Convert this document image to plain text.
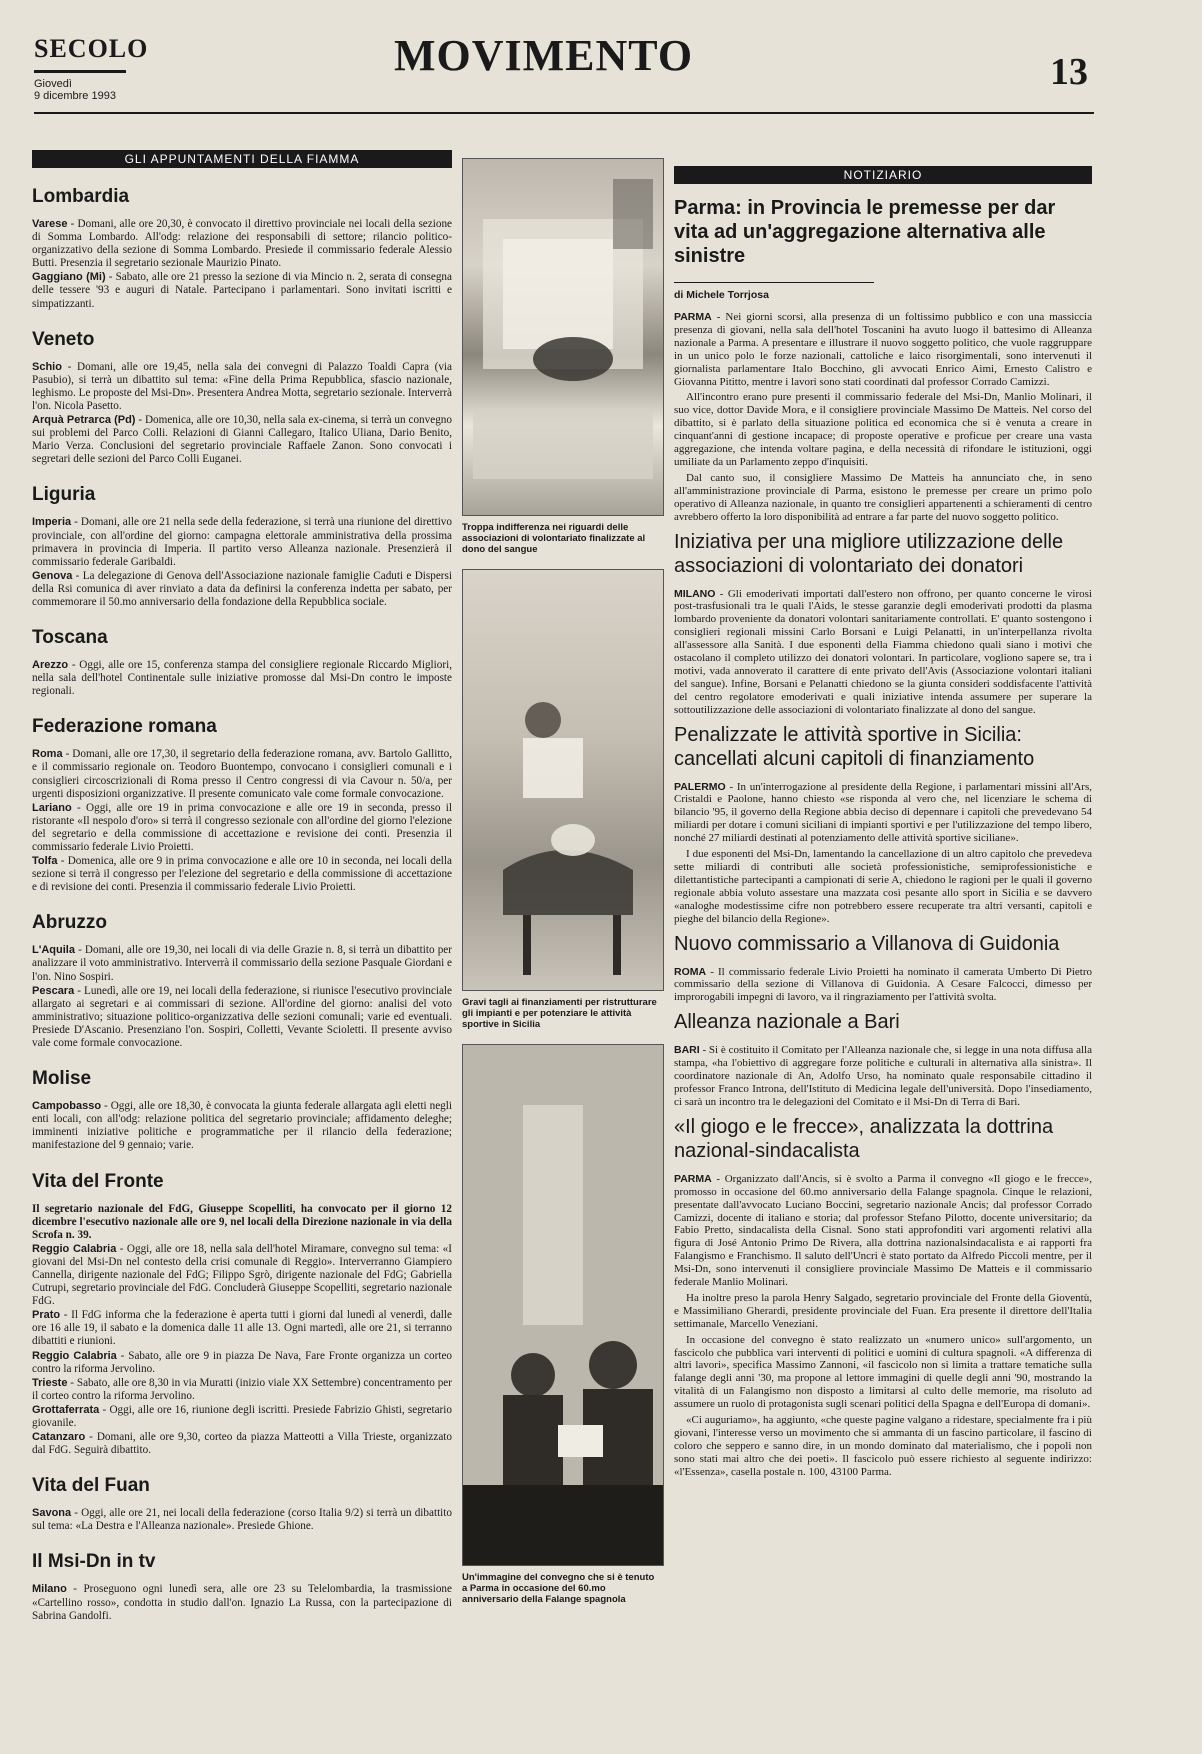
SECOLO
Giovedì
9 dicembre 1993
MOVIMENTO	13
GLI APPUNTAMENTI DELLA FIAMMA
Lombardia

Varese - Domani, alle ore 20,30, è convocato il direttivo provinciale nei locali della sezione di Somma Lombardo. All'odg: relazione dei responsabili di settore; rilancio politico-organizzativo della sezione di Somma Lombardo. Presiede il commissario federale Alessio Butti. Presenzia il segretario sezionale Maurizio Pinato.

Gaggiano (Mi) - Sabato, alle ore 21 presso la sezione di via Mincio n. 2, serata di consegna delle tessere '93 e auguri di Natale. Partecipano i parlamentari. Sono invitati iscritti e simpatizzanti.

Veneto

Schio - Domani, alle ore 19,45, nella sala dei convegni di Palazzo Toaldi Capra (via Pasubio), si terrà un dibattito sul tema: «Fine della Prima Repubblica, sfascio nazionale, leghismo. Le proposte del Msi-Dn». Presentera Andrea Motta, segretario sezionale. Interverrà l'on. Nicola Pasetto.

Arquà Petrarca (Pd) - Domenica, alle ore 10,30, nella sala ex-cinema, si terrà un convegno sui problemi del Parco Colli. Relazioni di Gianni Callegaro, Italico Uliana, Dario Benito, Mario Verza. Conclusioni del segretario provinciale Raffaele Zanon. Sono convocati i segretari delle sezioni del Parco Colli Euganei.

Liguria

Imperia - Domani, alle ore 21 nella sede della federazione, si terrà una riunione del direttivo provinciale, con all'ordine del giorno: campagna elettorale amministrativa della prossima primavera in provincia di Imperia. Il partito verso Alleanza nazionale. Presenzierà il commissario federale Garibaldi.

Genova - La delegazione di Genova dell'Associazione nazionale famiglie Caduti e Dispersi della Rsi comunica di aver rinviato a data da definirsi la conferenza indetta per sabato, per commemorare il 50.mo anniversario della fondazione della Repubblica sociale.

Toscana

Arezzo - Oggi, alle ore 15, conferenza stampa del consigliere regionale Riccardo Migliori, nella sala dell'hotel Continentale sulle iniziative promosse dal Msi-Dn contro le imposte regionali.

Federazione romana

Roma - Domani, alle ore 17,30, il segretario della federazione romana, avv. Bartolo Gallitto, e il commissario regionale on. Teodoro Buontempo, convocano i consiglieri comunali e i consiglieri circoscrizionali di Roma presso il Centro congressi di via Cavour n. 50/a, per urgenti disposizioni organizzative. Il presente comunicato vale come formale convocazione.

Lariano - Oggi, alle ore 19 in prima convocazione e alle ore 19 in seconda, presso il ristorante «Il nespolo d'oro» si terrà il congresso sezionale con all'ordine del giorno l'elezione del segretario e della commissione di accettazione e revisione dei conti. Presenzia il commissario federale Livio Proietti.

Tolfa - Domenica, alle ore 9 in prima convocazione e alle ore 10 in seconda, nei locali della sezione si terrà il congresso per l'elezione del segretario e della commissione di accettazione e di revisione dei conti. Presenzia il commissario federale Livio Proietti.

Abruzzo

L'Aquila - Domani, alle ore 19,30, nei locali di via delle Grazie n. 8, si terrà un dibattito per analizzare il voto amministrativo. Interverrà il commissario della sezione Pasquale Giordani e l'on. Nino Sospiri.

Pescara - Lunedì, alle ore 19, nei locali della federazione, si riunisce l'esecutivo provinciale allargato ai segretari e ai commissari di sezione. All'ordine del giorno: analisi del voto amministrativo; situazione politico-organizzativa delle sezioni comunali; varie ed eventuali. Presiede D'Ascanio. Presenziano l'on. Sospiri, Colletti, Vevante Scioletti. Il presente avviso vale come formale convocazione.

Molise

Campobasso - Oggi, alle ore 18,30, è convocata la giunta federale allargata agli eletti negli enti locali, con all'odg: relazione politica del segretario provinciale; affidamento deleghe; imminenti iniziative politiche e programmatiche per il rilancio della federazione; manifestazione del 9 gennaio; varie.

Vita del Fronte

Il segretario nazionale del FdG, Giuseppe Scopelliti, ha convocato per il giorno 12 dicembre l'esecutivo nazionale alle ore 9, nel locali della Direzione nazionale in via della Scrofa n. 39.

Reggio Calabria - Oggi, alle ore 18, nella sala dell'hotel Miramare, convegno sul tema: «I giovani del Msi-Dn nel contesto della crisi comunale di Reggio». Interverranno Giampiero Cannella, dirigente nazionale del FdG; Filippo Sgrò, dirigente nazionale del FdG; Gabriella Cutrupi, segretario provinciale del FdG. Concluderà Giuseppe Scopelliti, segretario nazionale FdG.

Prato - Il FdG informa che la federazione è aperta tutti i giorni dal lunedì al venerdì, dalle ore 16 alle 19, il sabato e la domenica dalle 11 alle 13. Ogni martedì, alle ore 21, si terranno dibattiti e riunioni.

Reggio Calabria - Sabato, alle ore 9 in piazza De Nava, Fare Fronte organizza un corteo contro la riforma Jervolino.

Trieste - Sabato, alle ore 8,30 in via Muratti (inizio viale XX Settembre) concentramento per il corteo contro la riforma Jervolino.

Grottaferrata - Oggi, alle ore 16, riunione degli iscritti. Presiede Fabrizio Ghisti, segretario giovanile.

Catanzaro - Domani, alle ore 9,30, corteo da piazza Matteotti a Villa Trieste, organizzato dal FdG. Seguirà dibattito.

Vita del Fuan

Savona - Oggi, alle ore 21, nei locali della federazione (corso Italia 9/2) si terrà un dibattito sul tema: «La Destra e l'Alleanza nazionale». Presiede Ghione.

Il Msi-Dn in tv

Milano - Proseguono ogni lunedì sera, alle ore 23 su Telelombardia, la trasmissione «Cartellino rosso», condotta in studio dall'on. Ignazio La Russa, con la partecipazione di Sabrina Gandolfi.

Troppa indifferenza nei riguardi delle associazioni di volontariato finalizzate al dono del sangue
Gravi tagli ai finanziamenti per ristrutturare gli impianti e per potenziare le attività sportive in Sicilia
Un'immagine del convegno che si è tenuto a Parma in occasione del 60.mo anniversario della Falange spagnola
NOTIZIARIO
Parma: in Provincia le premesse per dar vita ad un'aggregazione alternativa alle sinistre
di Michele Torrjosa

PARMA - Nei giorni scorsi, alla presenza di un foltissimo pubblico e con una massiccia presenza di giovani, nella sala dell'hotel Toscanini ha avuto luogo il battesimo di Alleanza nazionale a Parma. A presentare e illustrare il nuovo soggetto politico, che vuole raggruppare in un unico polo le forze nazionali, cattoliche e laico risorgimentali, sono intervenuti il giornalista parlamentare Italo Bocchino, gli avvocati Enrico Aimi, Ernesto Calistro e Giovanna Pititto, mentre i lavori sono stati coordinati dal professor Corrado Camizzi.

All'incontro erano pure presenti il commissario federale del Msi-Dn, Manlio Molinari, il suo vice, dottor Davide Mora, e il consigliere provinciale Massimo De Matteis. Nel corso del dibattito, si è parlato della situazione politica ed economica che si è venuta a creare in cinquant'anni di gestione incapace; di proposte operative e proficue per creare una vasta aggregazione, che intenda voltare pagina, e della necessità di rifondare le istituzioni, oggi umiliate da un Parlamento zeppo d'inquisiti.

Dal canto suo, il consigliere Massimo De Matteis ha annunciato che, in seno all'amministrazione provinciale di Parma, esistono le premesse per creare un primo polo operativo di Alleanza nazionale, in quanto tre consiglieri appartenenti a schieramenti di centro avrebbero offerto la loro disponibilità ad entrare a far parte del nuovo soggetto politico.

Iniziativa per una migliore utilizzazione delle associazioni di volontariato dei donatori

MILANO - Gli emoderivati importati dall'estero non offrono, per quanto concerne le virosi post-trasfusionali tra le quali l'Aids, le stesse garanzie degli emoderivati prodotti da plasma lombardo proveniente da donatori volontari sanitariamente controllati. E' quanto sostengono i consiglieri regionali missini Carlo Borsani e Luigi Pelanatti, in un'interpellanza rivolta all'assessore alla Sanità. I due esponenti della Fiamma chiedono quali siano i motivi che ostacolano il completo utilizzo dei donatori volontari. In particolare, vogliono sapere se, tra i motivi, vada annoverato il carattere di ente privato dell'Avis (Associazione volontari italiani del sangue). Infine, Borsani e Pelanatti chiedono se la giunta consideri soddisfacente l'attività del centro regolatore emoderivati e quali iniziative intenda assumere per superare la sottoutilizzazione delle associazioni di volontariato finalizzate al dono del sangue.

Penalizzate le attività sportive in Sicilia: cancellati alcuni capitoli di finanziamento

PALERMO - In un'interrogazione al presidente della Regione, i parlamentari missini all'Ars, Cristaldi e Paolone, hanno chiesto «se risponda al vero che, nel licenziare le schema di bilancio '95, il governo della Regione abbia deciso di depennare i capitoli che prevedevano 54 miliardi per dotare i comuni siciliani di impianti sportivi e per l'utilizzazione del tempo libero, nonché 27 miliardi destinati al potenziamento delle attività sportive siciliane».

I due esponenti del Msi-Dn, lamentando la cancellazione di un altro capitolo che prevedeva sette miliardi di contributi alle società professionistiche, semiprofessionistiche e dilettantistiche partecipanti a campionati di serie A, chiedono le ragioni per le quali il governo regionale abbia voluto assestare una mazzata così pesante allo sport in Sicilia e se davvero «analoghe modestissime cifre non potrebbero essere recuperate tra altri versanti, capitoli e pieghe del bilancio della Regione».

Nuovo commissario a Villanova di Guidonia

ROMA - Il commissario federale Livio Proietti ha nominato il camerata Umberto Di Pietro commissario della sezione di Villanova di Guidonia. A Cesare Falcocci, dimesso per improrogabili impegni di lavoro, va il ringraziamento per l'attività svolta.

Alleanza nazionale a Bari

BARI - Si è costituito il Comitato per l'Alleanza nazionale che, si legge in una nota diffusa alla stampa, «ha l'obiettivo di aggregare forze politiche e culturali in alternativa alla sinistra». Il coordinatore nazionale di An, Adolfo Urso, ha nominato quale responsabile cittadino il professor Franco Introna, dell'Istituto di Medicina legale dell'università. Dopo l'insediamento, ci sarà un incontro tra le delegazioni del Comitato e il Msi-Dn di Terra di Bari.

«Il giogo e le frecce», analizzata la dottrina nazional-sindacalista

PARMA - Organizzato dall'Ancis, si è svolto a Parma il convegno «Il giogo e le frecce», promosso in occasione del 60.mo anniversario della Falange spagnola. Cinque le relazioni, presentate dall'avvocato Luciano Boccini, segretario nazionale Ancis; dal professor Corrado Camizzi, docente di italiano e storia; dal professor Stefano Pilotto, docente universitario; da Fabio Pretto, sindacalista della Cisnal. Sono stati approfonditi vari argomenti relativi alla figura di José Antonio Primo De Rivera, alla dottrina nazionalsindacalista e ai rapporti fra Falangismo e Franchismo. Il saluto dell'Uncri è stato portato da Alfredo Piccoli mentre, per il Msi-Dn, sono intervenuti il consigliere provinciale Massimo De Matteis e il commissario federale Manlio Molinari.

Ha inoltre preso la parola Henry Salgado, segretario provinciale del Fronte della Gioventù, e Massimiliano Gherardi, presidente provinciale del Fuan. Era presente il direttore dell'Italia settimanale, Marcello Veneziani.

In occasione del convegno è stato realizzato un «numero unico» sull'argomento, un fascicolo che pubblica vari interventi di politici e uomini di cultura spagnoli. «A differenza di altri lavori», specifica Massimo Zannoni, «il fascicolo non si limita a trattare tematiche sulla falange degli anni '30, ma propone al lettore immagini di quelle degli anni '90, mostrando la vitalità di un Falangismo non disposto a limitarsi al culto delle memorie, ma risoluto ad assumere un ruolo di protagonista sugli scenari politici della Spagna e dell'Europa di domani».

«Ci auguriamo», ha aggiunto, «che queste pagine valgano a ridestare, specialmente fra i più giovani, l'interesse verso un movimento che si ammanta di un fascino particolare, il fascino di coloro che seppero e sanno dire, in un mondo dominato dal materialismo, che i popoli non sono stati mai altro che dei poeti». Il fascicolo può essere richiesto al seguente indirizzo: «l'Essenza», casella postale n. 100, 43100 Parma.
